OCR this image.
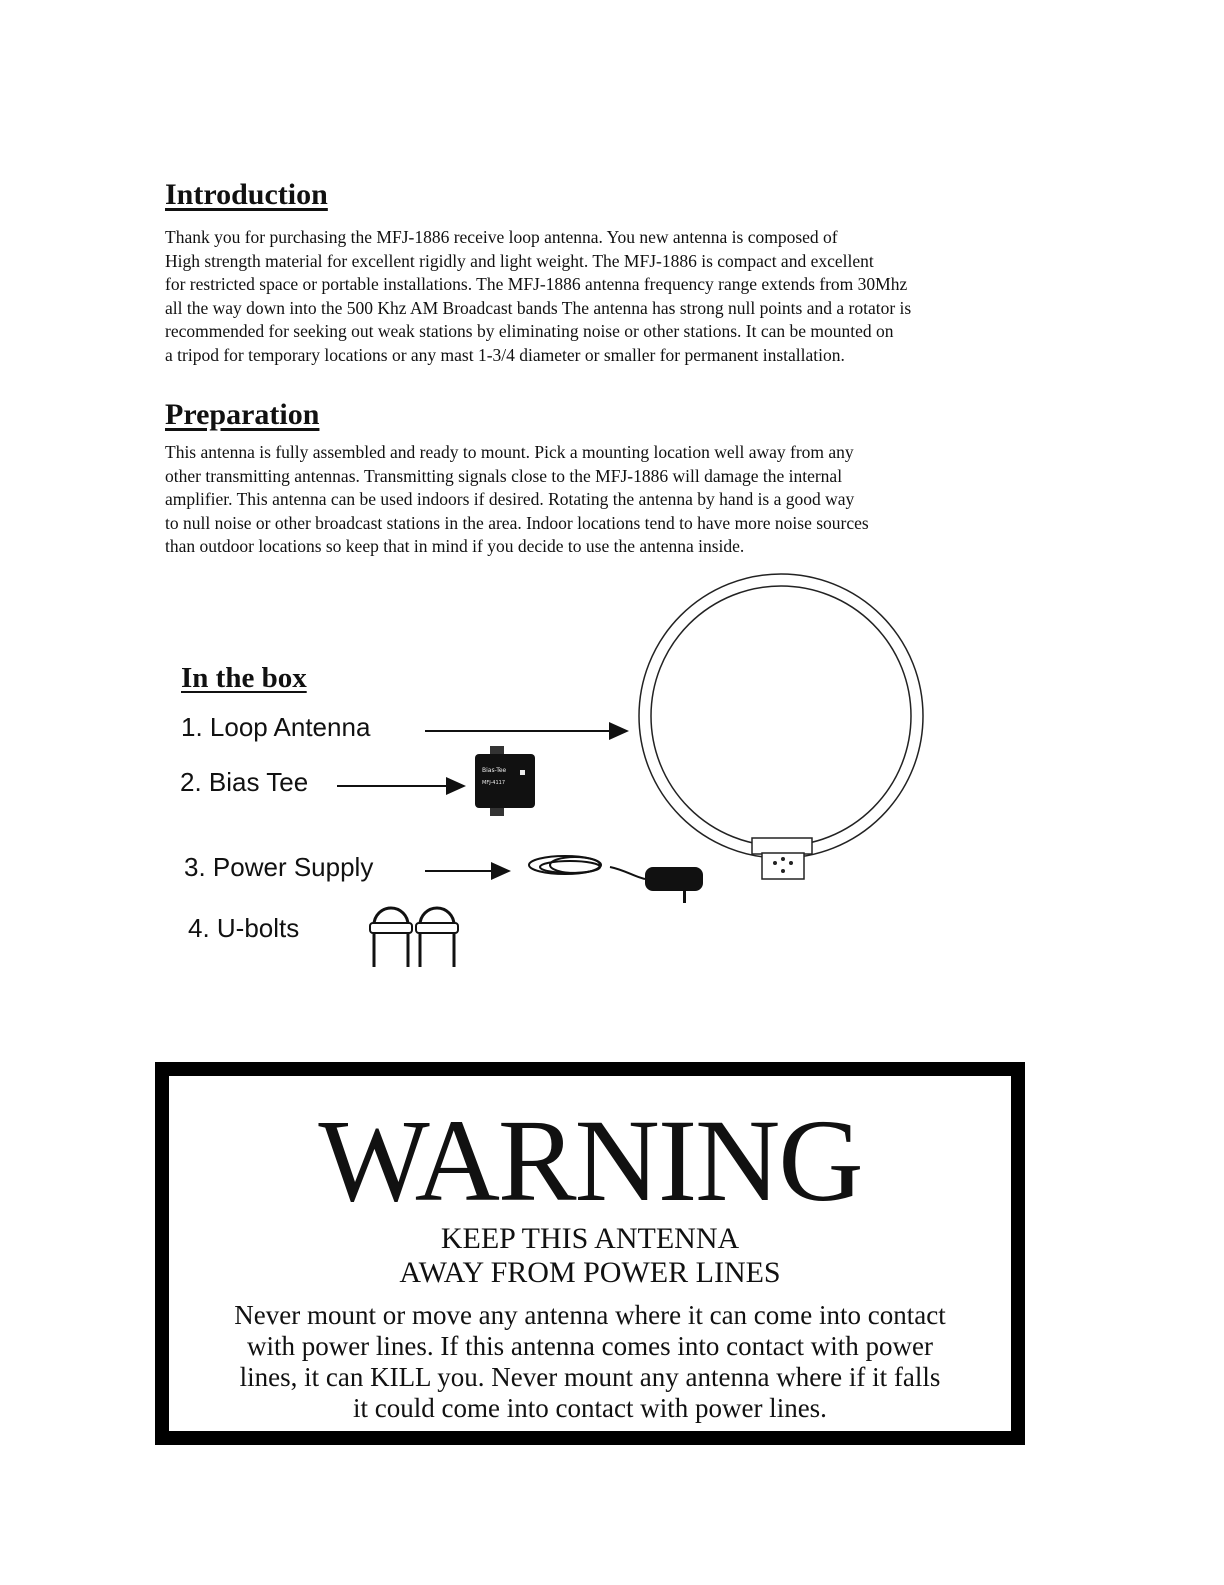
Introduction

Thank you for purchasing the MFJ-1886 receive loop antenna. You new antenna is composed of
High strength material for excellent rigidly and light weight. The MFJ-1886 is compact and excellent
for restricted space or portable installations. The MFJ-1886 antenna frequency range extends from 30Mhz
all the way down into the 500 Khz AM Broadcast bands The antenna has strong null points and a rotator is
recommended for seeking out weak stations by eliminating noise or other stations. It can be mounted on
a tripod for temporary locations or any mast 1-3/4 diameter or smaller for permanent installation.

Preparation

This antenna is fully assembled and ready to mount. Pick a mounting location well away from any
other transmitting antennas. Transmitting signals close to the MFJ-1886 will damage the internal
amplifier. This antenna can be used indoors if desired. Rotating the antenna by hand is a good way
to null noise or other broadcast stations in the area. Indoor locations tend to have more noise sources
than outdoor locations so keep that in mind if you decide to use the antenna inside.

In the box

1. Loop Antenna

2. Bias Tee

3. Power Supply

4. U-bolts

Bias-Tee
MFJ-4117

WARNING

KEEP THIS ANTENNA
AWAY FROM POWER LINES

Never mount or move any antenna where it can come into contact
with power lines. If this antenna comes into contact with power
lines, it can KILL you. Never mount any antenna where if it falls
it could come into contact with power lines.
